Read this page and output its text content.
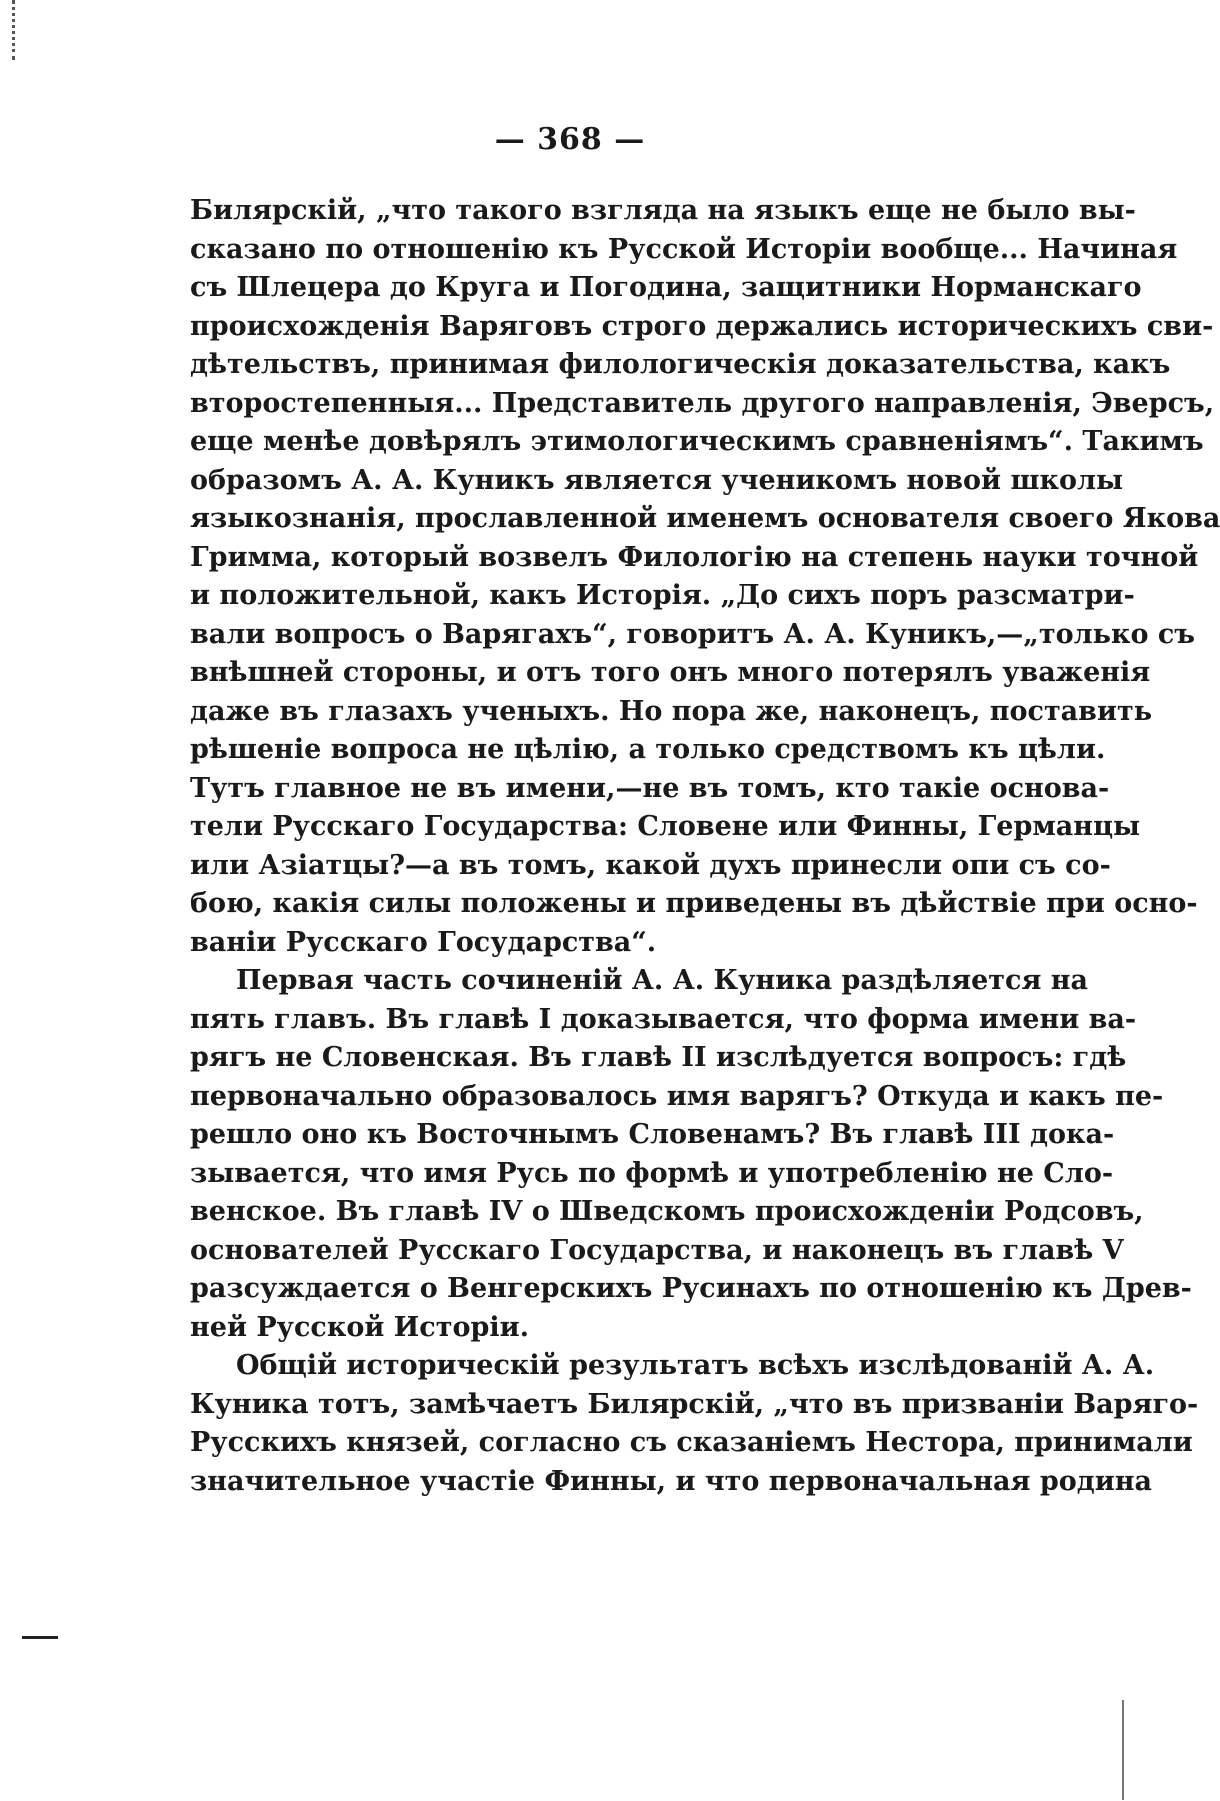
— 368 —
Билярскій, „что такого взгляда на языкъ еще не было вы-
сказано по отношенію къ Русской Исторіи вообще... Начиная
съ Шлецера до Круга и Погодина, защитники Норманскаго
происхожденія Варяговъ строго держались историческихъ сви-
дѣтельствъ, принимая филологическія доказательства, какъ
второстепенныя... Представитель другого направленія, Эверсъ,
еще менѣе довѣрялъ этимологическимъ сравненіямъ“. Такимъ
образомъ А. А. Куникъ является ученикомъ новой школы
языкознанія, прославленной именемъ основателя своего Якова
Гримма, который возвелъ Филологію на степень науки точной
и положительной, какъ Исторія. „До сихъ поръ разсматри-
вали вопросъ о Варягахъ“, говоритъ А. А. Куникъ,—„только съ
внѣшней стороны, и отъ того онъ много потерялъ уваженія
даже въ глазахъ ученыхъ. Но пора же, наконецъ, поставить
рѣшеніе вопроса не цѣлію, а только средствомъ къ цѣли.
Тутъ главное не въ имени,—не въ томъ, кто такіе основа-
тели Русскаго Государства: Словене или Финны, Германцы
или Азіатцы?—а въ томъ, какой духъ принесли опи съ со-
бою, какія силы положены и приведены въ дѣйствіе при осно-
ваніи Русскаго Государства“.
Первая часть сочиненій А. А. Куника раздѣляется на
пять главъ. Въ главѣ I доказывается, что форма имени ва-
рягъ не Словенская. Въ главѣ II изслѣдуется вопросъ: гдѣ
первоначально образовалось имя варягъ? Откуда и какъ пе-
решло оно къ Восточнымъ Словенамъ? Въ главѣ III дока-
зывается, что имя Русь по формѣ и употребленію не Сло-
венское. Въ главѣ IV о Шведскомъ происхожденіи Родсовъ,
основателей Русскаго Государства, и наконецъ въ главѣ V
разсуждается о Венгерскихъ Русинахъ по отношенію къ Древ-
ней Русской Исторіи.
Общій историческій результатъ всѣхъ изслѣдованій А. А.
Куника тотъ, замѣчаетъ Билярскій, „что въ призваніи Варяго-
Русскихъ князей, согласно съ сказаніемъ Нестора, принимали
значительное участіе Финны, и что первоначальная родина
